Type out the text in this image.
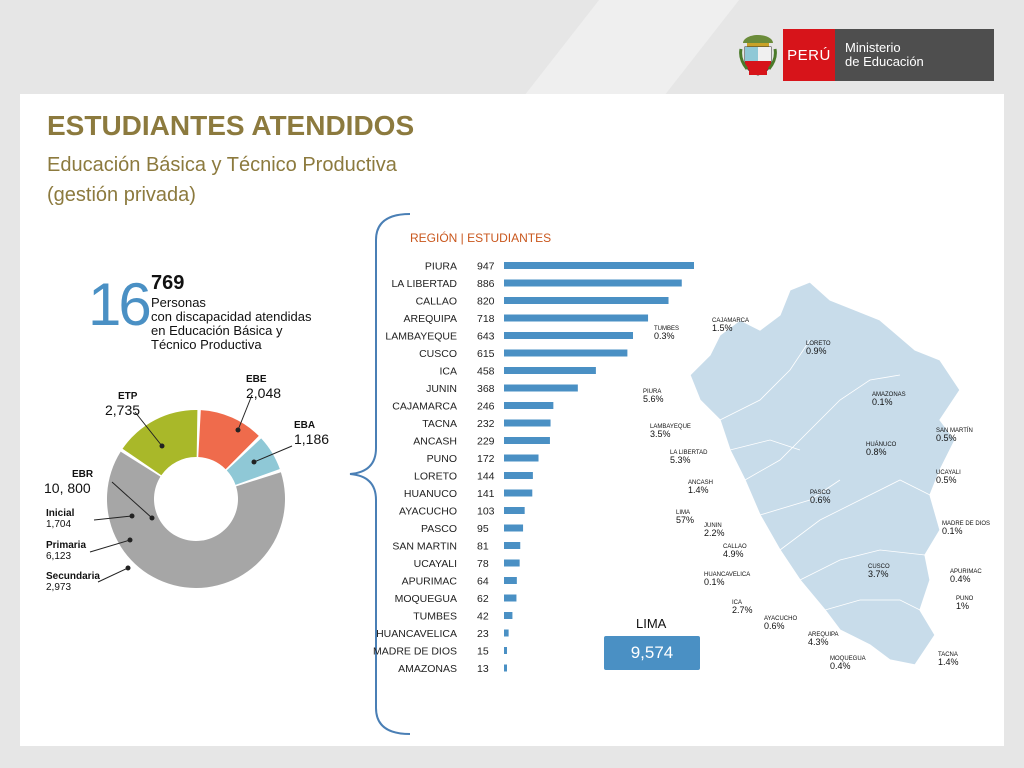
PERÚ	Ministerio
de Educación
ESTUDIANTES ATENDIDOS
Educación Básica y Técnico Productiva
(gestión privada)
16 769
Personas
con discapacidad atendidas
en Educación Básica y
Técnico Productiva
EBE
2,048
EBA
1,186
ETP
2,735
EBR
10, 800
Inicial
1,704
Primaria
6,123
Secundaria
2,973
REGIÓN | ESTUDIANTES
PIURA 947
LA LIBERTAD 886
CALLAO 820
AREQUIPA 718
LAMBAYEQUE 643
CUSCO 615
ICA 458
JUNIN 368
CAJAMARCA 246
TACNA 232
ANCASH 229
PUNO 172
LORETO 144
HUANUCO 141
AYACUCHO 103
PASCO 95
SAN MARTIN 81
UCAYALI 78
APURIMAC 64
MOQUEGUA 62
TUMBES 42
HUANCAVELICA 23
MADRE DE DIOS 15
AMAZONAS 13
TUMBES
0.3%
CAJAMARCA
1.5%
LORETO
0.9%
PIURA
5.6%	AMAZONAS
0.1%
LAMBAYEQUE
3.5%	SAN MARTÍN
0.5%
HUÁNUCO
0.8%
LA LIBERTAD
5.3%
UCAYALI
0.5%
ANCASH
1.4%	PASCO
0.6%
LIMA
57%	MADRE DE DIOS
0.1%
JUNIN
2.2%
CALLAO
4.9%
CUSCO
3.7%	APURIMAC
0.4%
HUANCAVELICA
0.1%
PUNO
1%
ICA
2.7%
AYACUCHO
0.6%
AREQUIPA
4.3%
MOQUEGUA
0.4%
TACNA
1.4%
LIMA
9,574
